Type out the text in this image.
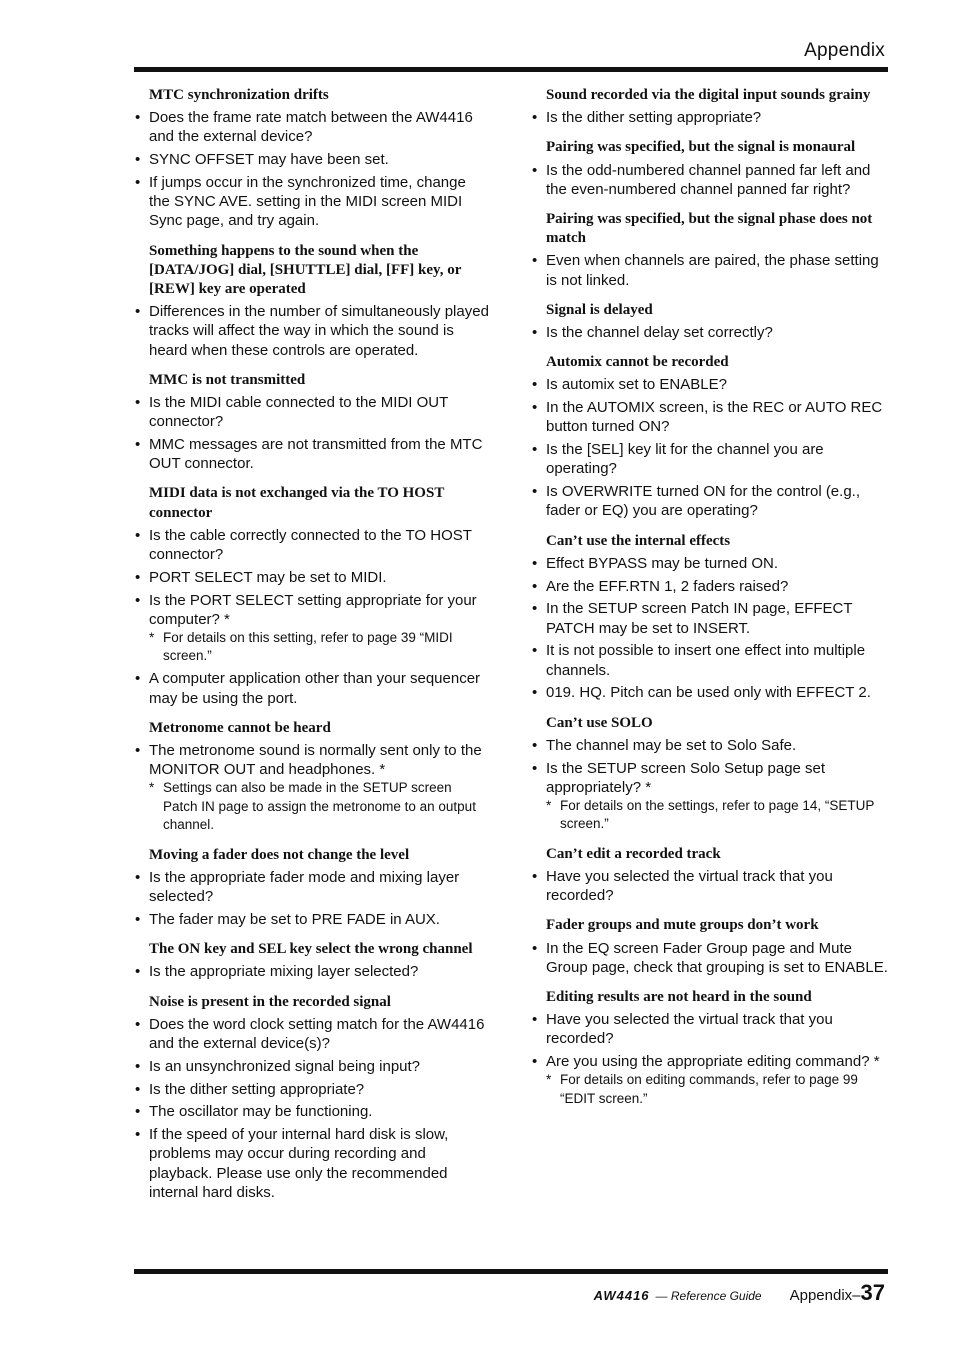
Appendix
MTC synchronization drifts
• Does the frame rate match between the AW4416 and the external device?
• SYNC OFFSET may have been set.
• If jumps occur in the synchronized time, change the SYNC AVE. setting in the MIDI screen MIDI Sync page, and try again.
Something happens to the sound when the [DATA/JOG] dial, [SHUTTLE] dial, [FF] key, or [REW] key are operated
• Differences in the number of simultaneously played tracks will affect the way in which the sound is heard when these controls are operated.
MMC is not transmitted
• Is the MIDI cable connected to the MIDI OUT connector?
• MMC messages are not transmitted from the MTC OUT connector.
MIDI data is not exchanged via the TO HOST connector
• Is the cable correctly connected to the TO HOST connector?
• PORT SELECT may be set to MIDI.
• Is the PORT SELECT setting appropriate for your computer? *
* For details on this setting, refer to page 39 “MIDI screen.”
• A computer application other than your sequencer may be using the port.
Metronome cannot be heard
• The metronome sound is normally sent only to the MONITOR OUT and headphones. *
* Settings can also be made in the SETUP screen Patch IN page to assign the metronome to an output channel.
Moving a fader does not change the level
• Is the appropriate fader mode and mixing layer selected?
• The fader may be set to PRE FADE in AUX.
The ON key and SEL key select the wrong channel
• Is the appropriate mixing layer selected?
Noise is present in the recorded signal
• Does the word clock setting match for the AW4416 and the external device(s)?
• Is an unsynchronized signal being input?
• Is the dither setting appropriate?
• The oscillator may be functioning.
• If the speed of your internal hard disk is slow, problems may occur during recording and playback. Please use only the recommended internal hard disks.
Sound recorded via the digital input sounds grainy
• Is the dither setting appropriate?
Pairing was specified, but the signal is monaural
• Is the odd-numbered channel panned far left and the even-numbered channel panned far right?
Pairing was specified, but the signal phase does not match
• Even when channels are paired, the phase setting is not linked.
Signal is delayed
• Is the channel delay set correctly?
Automix cannot be recorded
• Is automix set to ENABLE?
• In the AUTOMIX screen, is the REC or AUTO REC button turned ON?
• Is the [SEL] key lit for the channel you are operating?
• Is OVERWRITE turned ON for the control (e.g., fader or EQ) you are operating?
Can’t use the internal effects
• Effect BYPASS may be turned ON.
• Are the EFF.RTN 1, 2 faders raised?
• In the SETUP screen Patch IN page, EFFECT PATCH may be set to INSERT.
• It is not possible to insert one effect into multiple channels.
• 019. HQ. Pitch can be used only with EFFECT 2.
Can’t use SOLO
• The channel may be set to Solo Safe.
• Is the SETUP screen Solo Setup page set appropriately? *
* For details on the settings, refer to page 14, “SETUP screen.”
Can’t edit a recorded track
• Have you selected the virtual track that you recorded?
Fader groups and mute groups don’t work
• In the EQ screen Fader Group page and Mute Group page, check that grouping is set to ENABLE.
Editing results are not heard in the sound
• Have you selected the virtual track that you recorded?
• Are you using the appropriate editing command? *
* For details on editing commands, refer to page 99 “EDIT screen.”
AW4416 — Reference Guide Appendix– 37
